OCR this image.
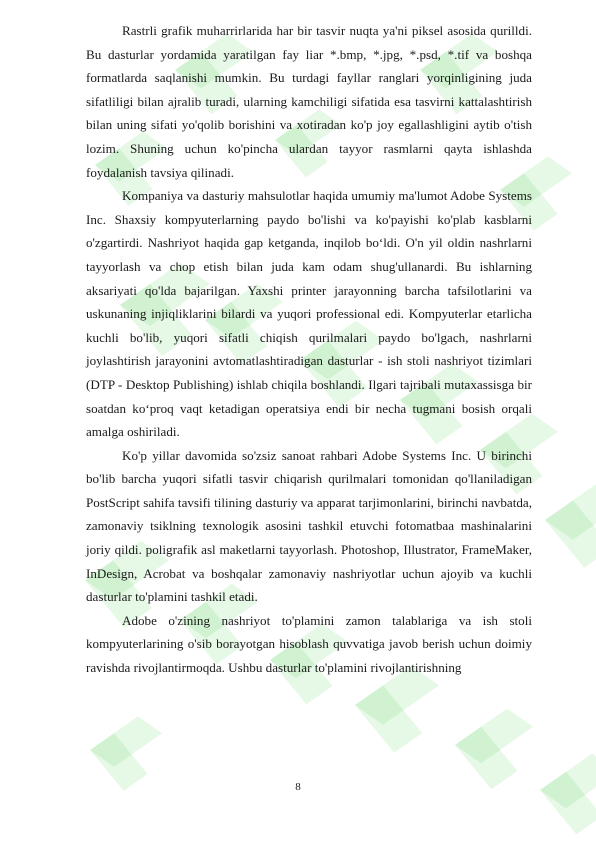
Rastrli grafik muharrirlarida har bir tasvir nuqta ya'ni piksel asosida qurilldi. Bu dasturlar yordamida yaratilgan fay liar *.bmp, *.jpg, *.psd, *.tif va boshqa formatlarda saqlanishi mumkin. Bu turdagi fayllar ranglari yorqinligining juda sifatliligi bilan ajralib turadi, ularning kamchiligi sifatida esa tasvirni kattalashtirish bilan uning sifati yo'qolib borishini va xotiradan ko'p joy egallashligini aytib o'tish lozim. Shuning uchun ko'pincha ulardan tayyor rasmlarni qayta ishlashda foydalanish tavsiya qilinadi.

Kompaniya va dasturiy mahsulotlar haqida umumiy ma'lumot Adobe Systems Inc. Shaxsiy kompyuterlarning paydo bo'lishi va ko'payishi ko'plab kasblarni o'zgartirdi. Nashriyot haqida gap ketganda, inqilob bo‘ldi. O'n yil oldin nashrlarni tayyorlash va chop etish bilan juda kam odam shug'ullanardi. Bu ishlarning aksariyati qo'lda bajarilgan. Yaxshi printer jarayonning barcha tafsilotlarini va uskunaning injiqliklarini bilardi va yuqori professional edi. Kompyuterlar etarlicha kuchli bo'lib, yuqori sifatli chiqish qurilmalari paydo bo'lgach, nashrlarni joylashtirish jarayonini avtomatlashtiradigan dasturlar - ish stoli nashriyot tizimlari (DTP - Desktop Publishing) ishlab chiqila boshlandi. Ilgari tajribali mutaxassisga bir soatdan ko‘proq vaqt ketadigan operatsiya endi bir necha tugmani bosish orqali amalga oshiriladi.

Ko'p yillar davomida so'zsiz sanoat rahbari Adobe Systems Inc. U birinchi bo'lib barcha yuqori sifatli tasvir chiqarish qurilmalari tomonidan qo'llaniladigan PostScript sahifa tavsifi tilining dasturiy va apparat tarjimonlarini, birinchi navbatda, zamonaviy tsiklning texnologik asosini tashkil etuvchi fotomatbaa mashinalarini joriy qildi. poligrafik asl maketlarni tayyorlash. Photoshop, Illustrator, FrameMaker, InDesign, Acrobat va boshqalar zamonaviy nashriyotlar uchun ajoyib va kuchli dasturlar to'plamini tashkil etadi.

Adobe o'zining nashriyot to'plamini zamon talablariga va ish stoli kompyuterlarining o'sib borayotgan hisoblash quvvatiga javob berish uchun doimiy ravishda rivojlantirmoqda. Ushbu dasturlar to'plamini rivojlantirishning

8
